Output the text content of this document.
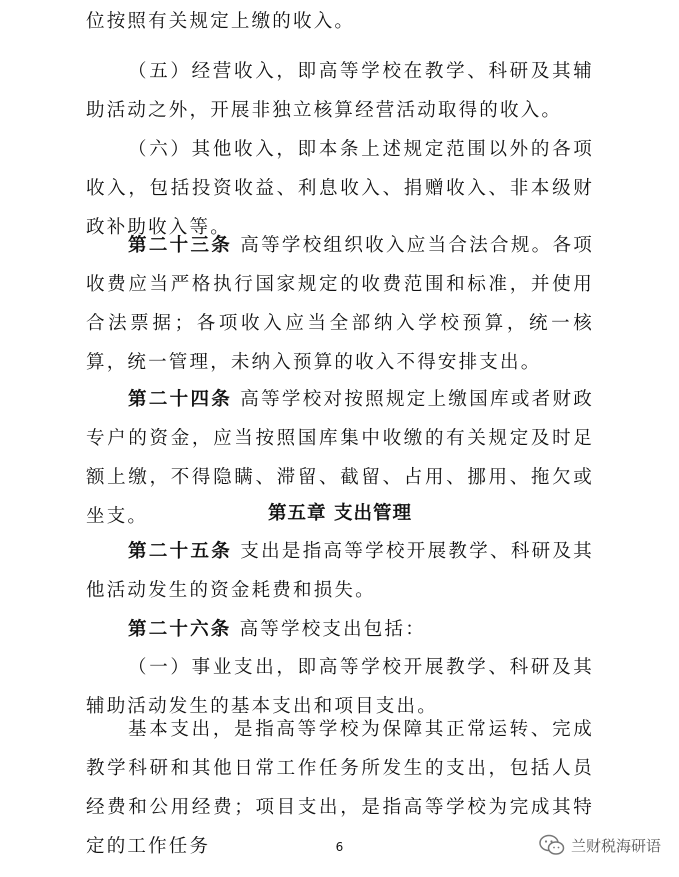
位按照有关规定上缴的收入。

（五）经营收入，即高等学校在教学、科研及其辅助活动之外，开展非独立核算经营活动取得的收入。

（六）其他收入，即本条上述规定范围以外的各项收入，包括投资收益、利息收入、捐赠收入、非本级财政补助收入等。

第二十三条 高等学校组织收入应当合法合规。各项收费应当严格执行国家规定的收费范围和标准，并使用合法票据；各项收入应当全部纳入学校预算，统一核算，统一管理，未纳入预算的收入不得安排支出。

第二十四条 高等学校对按照规定上缴国库或者财政专户的资金，应当按照国库集中收缴的有关规定及时足额上缴，不得隐瞒、滞留、截留、占用、挪用、拖欠或坐支。	第五章 支出管理

第二十五条 支出是指高等学校开展教学、科研及其他活动发生的资金耗费和损失。

第二十六条 高等学校支出包括：

（一）事业支出，即高等学校开展教学、科研及其辅助活动发生的基本支出和项目支出。

基本支出，是指高等学校为保障其正常运转、完成教学科研和其他日常工作任务所发生的支出，包括人员经费和公用经费；项目支出，是指高等学校为完成其特定的工作任务	6	兰财税海研语
